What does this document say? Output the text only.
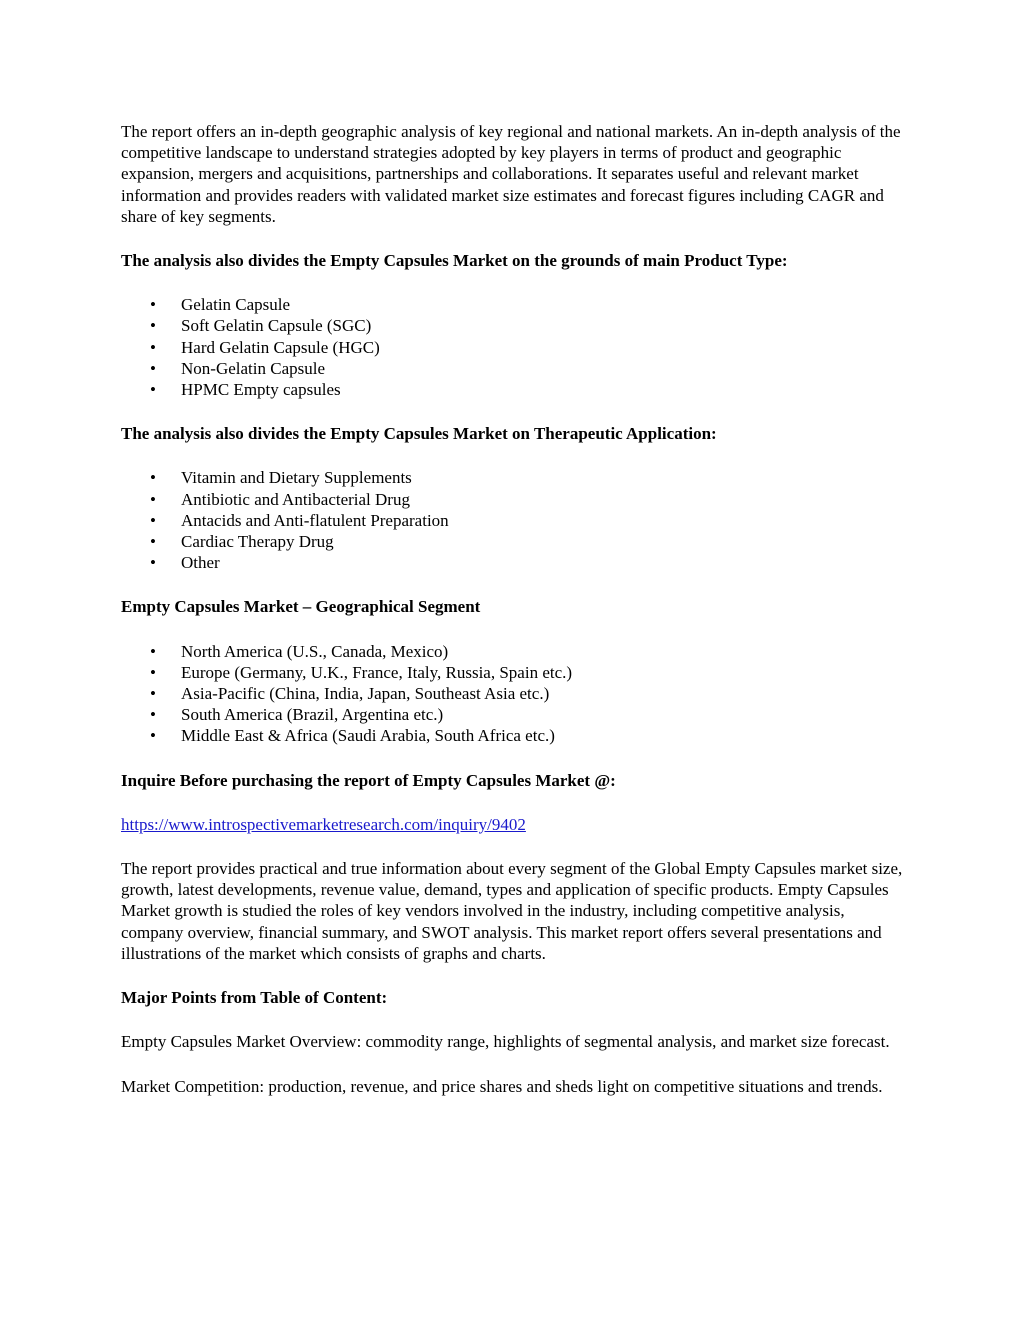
The report offers an in-depth geographic analysis of key regional and national markets. An in-depth analysis of the competitive landscape to understand strategies adopted by key players in terms of product and geographic expansion, mergers and acquisitions, partnerships and collaborations. It separates useful and relevant market information and provides readers with validated market size estimates and forecast figures including CAGR and share of key segments.

The analysis also divides the Empty Capsules Market on the grounds of main Product Type:

• Gelatin Capsule
• Soft Gelatin Capsule (SGC)
• Hard Gelatin Capsule (HGC)
• Non-Gelatin Capsule
• HPMC Empty capsules

The analysis also divides the Empty Capsules Market on Therapeutic Application:

• Vitamin and Dietary Supplements
• Antibiotic and Antibacterial Drug
• Antacids and Anti-flatulent Preparation
• Cardiac Therapy Drug
• Other

Empty Capsules Market – Geographical Segment

• North America (U.S., Canada, Mexico)
• Europe (Germany, U.K., France, Italy, Russia, Spain etc.)
• Asia-Pacific (China, India, Japan, Southeast Asia etc.)
• South America (Brazil, Argentina etc.)
• Middle East & Africa (Saudi Arabia, South Africa etc.)

Inquire Before purchasing the report of Empty Capsules Market @:

https://www.introspectivemarketresearch.com/inquiry/9402

The report provides practical and true information about every segment of the Global Empty Capsules market size, growth, latest developments, revenue value, demand, types and application of specific products. Empty Capsules Market growth is studied the roles of key vendors involved in the industry, including competitive analysis, company overview, financial summary, and SWOT analysis. This market report offers several presentations and illustrations of the market which consists of graphs and charts.

Major Points from Table of Content:

Empty Capsules Market Overview: commodity range, highlights of segmental analysis, and market size forecast.

Market Competition: production, revenue, and price shares and sheds light on competitive situations and trends.
